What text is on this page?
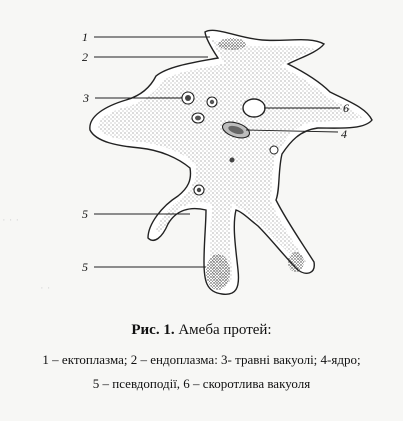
· · ·
· ·
1
2
3
4
5
5
6
Рис. 1. Амеба протей:
1 – ектоплазма; 2 – ендоплазма: 3- травні вакуолі; 4-ядро;
5 – псевдоподії, 6 – скоротлива вакуоля
